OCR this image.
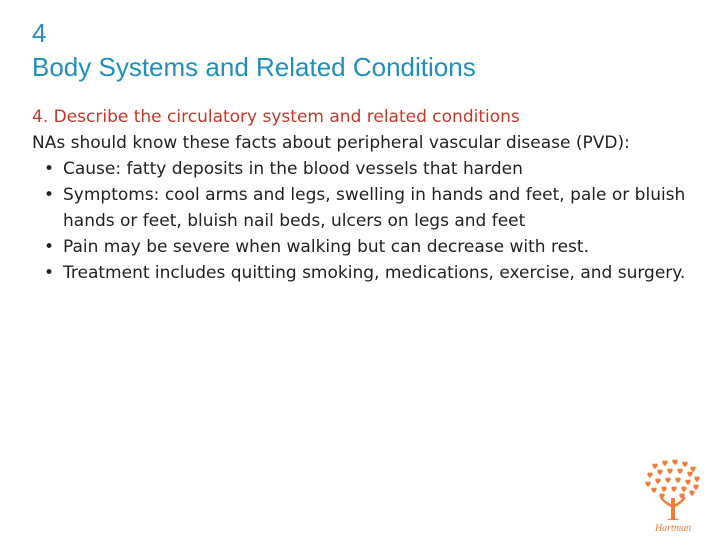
4
Body Systems and Related Conditions

4. Describe the circulatory system and related conditions

NAs should know these facts about peripheral vascular disease (PVD):

• Cause: fatty deposits in the blood vessels that harden
• Symptoms: cool arms and legs, swelling in hands and feet, pale or bluish hands or feet, bluish nail beds, ulcers on legs and feet
• Pain may be severe when walking but can decrease with rest.
• Treatment includes quitting smoking, medications, exercise, and surgery.
Hartman
